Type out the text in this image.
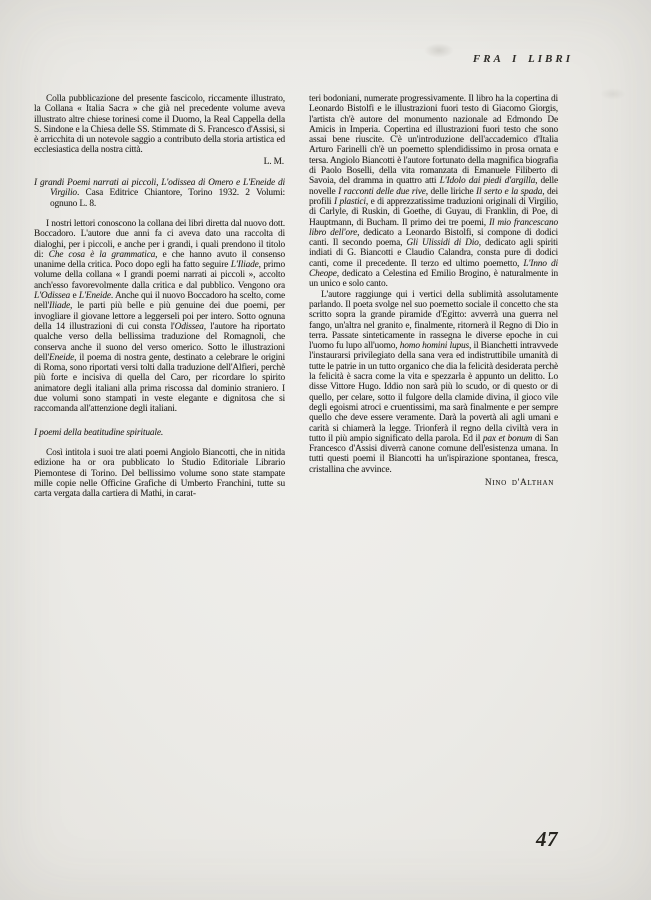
FRA I LIBRI
Colla pubblicazione del presente fascicolo, riccamente illustrato, la Collana « Italia Sacra » che già nel precedente volume aveva illustrato altre chiese torinesi come il Duomo, la Real Cappella della S. Sindone e la Chiesa delle SS. Stimmate di S. Francesco d'Assisi, si è arricchita di un notevole saggio a contributo della storia artistica ed ecclesiastica della nostra città.
L. M.
I grandi Poemi narrati ai piccoli, L'odissea di Omero e L'Eneide di Virgilio. Casa Editrice Chiantore, Torino 1932. 2 Volumi: ognuno L. 8.
I nostri lettori conoscono la collana dei libri diretta dal nuovo dott. Boccadoro. L'autore due anni fa ci aveva dato una raccolta di dialoghi, per i piccoli, e anche per i grandi, i quali prendono il titolo di: Che cosa è la grammatica, e che hanno avuto il consenso unanime della critica. Poco dopo egli ha fatto seguire L'Iliade, primo volume della collana « I grandi poemi narrati ai piccoli », accolto anch'esso favorevolmente dalla critica e dal pubblico. Vengono ora L'Odissea e L'Eneide. Anche qui il nuovo Boccadoro ha scelto, come nell'Iliade, le parti più belle e più genuine dei due poemi, per invogliare il giovane lettore a leggerseli poi per intero. Sotto ognuna della 14 illustrazioni di cui consta l'Odissea, l'autore ha riportato qualche verso della bellissima traduzione del Romagnoli, che conserva anche il suono del verso omerico. Sotto le illustrazioni dell'Eneide, il poema di nostra gente, destinato a celebrare le origini di Roma, sono riportati versi tolti dalla traduzione dell'Alfieri, perchè più forte e incisiva di quella del Caro, per ricordare lo spirito animatore degli italiani alla prima riscossa dal dominio straniero. I due volumi sono stampati in veste elegante e dignitosa che si raccomanda all'attenzione degli italiani.
I poemi della beatitudine spirituale.
Così intitola i suoi tre alati poemi Angiolo Biancotti, che in nitida edizione ha or ora pubblicato lo Studio Editoriale Librario Piemontese di Torino. Del bellissimo volume sono state stampate mille copie nelle Officine Grafiche di Umberto Franchini, tutte su carta vergata dalla cartiera di Mathi, in carat-
teri bodoniani, numerate progressivamente. Il libro ha la copertina di Leonardo Bistolfi e le illustrazioni fuori testo di Giacomo Giorgis, l'artista ch'è autore del monumento nazionale ad Edmondo De Amicis in Imperia. Copertina ed illustrazioni fuori testo che sono assai bene riuscite. C'è un'introduzione dell'accademico d'Italia Arturo Farinelli ch'è un poemetto splendidissimo in prosa ornata e tersa. Angiolo Biancotti è l'autore fortunato della magnifica biografia di Paolo Boselli, della vita romanzata di Emanuele Filiberto di Savoia, del dramma in quattro atti L'Idolo dai piedi d'argilla, delle novelle I racconti delle due rive, delle liriche Il serto e la spada, dei profili I plastici, e di apprezzatissime traduzioni originali di Virgilio, di Carlyle, di Ruskin, di Goethe, di Guyau, di Franklin, di Poe, di Hauptmann, di Bucham. Il primo dei tre poemi, Il mio francescano libro dell'ore, dedicato a Leonardo Bistolfi, si compone di dodici canti. Il secondo poema, Gli Ulissidi di Dio, dedicato agli spiriti indiati di G. Biancotti e Claudio Calandra, consta pure di dodici canti, come il precedente. Il terzo ed ultimo poemetto, L'Inno di Cheope, dedicato a Celestina ed Emilio Brogino, è naturalmente in un unico e solo canto.
L'autore raggiunge qui i vertici della sublimità assolutamente parlando. Il poeta svolge nel suo poemetto sociale il concetto che sta scritto sopra la grande piramide d'Egitto: avverrà una guerra nel fango, un'altra nel granito e, finalmente, ritornerà il Regno di Dio in terra. Passate sinteticamente in rassegna le diverse epoche in cui l'uomo fu lupo all'uomo, homo homini lupus, il Bianchetti intravvede l'instaurarsi privilegiato della sana vera ed indistruttibile umanità di tutte le patrie in un tutto organico che dia la felicità desiderata perchè la felicità è sacra come la vita e spezzarla è appunto un delitto. Lo disse Vittore Hugo. Iddio non sarà più lo scudo, or di questo or di quello, per celare, sotto il fulgore della clamide divina, il gioco vile degli egoismi atroci e cruentissimi, ma sarà finalmente e per sempre quello che deve essere veramente. Darà la povertà ali agli umani e carità si chiamerà la legge. Trionferà il regno della civiltà vera in tutto il più ampio significato della parola. Ed il pax et bonum di San Francesco d'Assisi diverrà canone comune dell'esistenza umana. In tutti questi poemi il Biancotti ha un'ispirazione spontanea, fresca, cristallina che avvince.
Nino d'Althan
47
